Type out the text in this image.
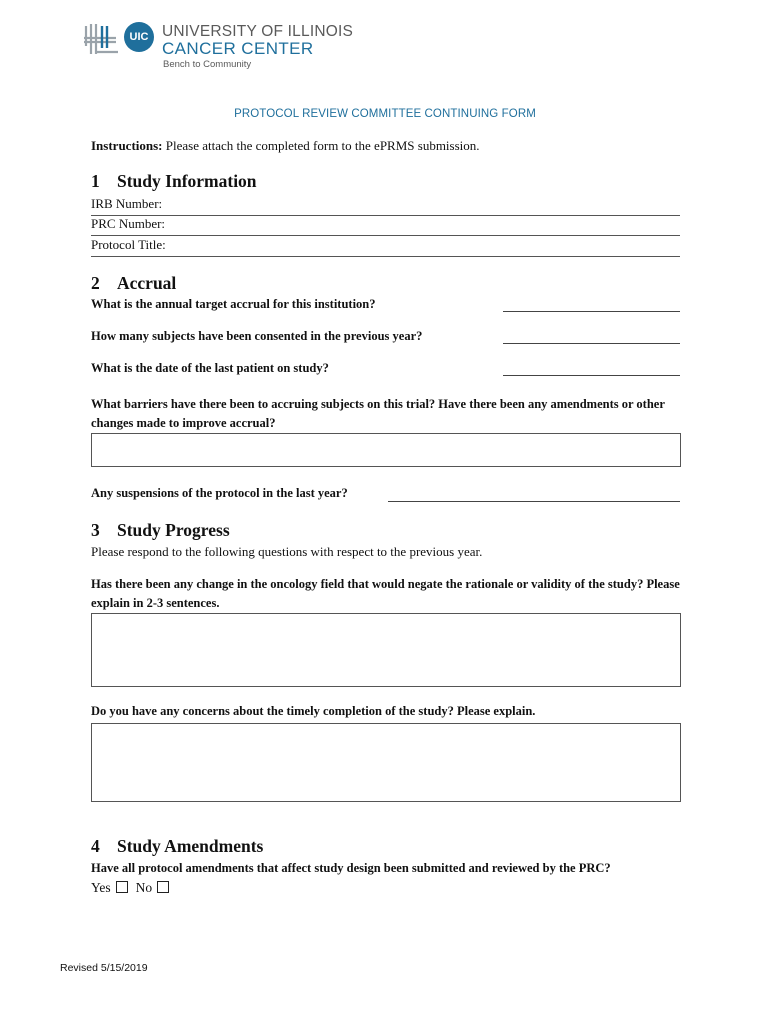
UIC UNIVERSITY OF ILLINOIS
CANCER CENTER
Bench to Community
PROTOCOL REVIEW COMMITTEE CONTINUING FORM
Instructions: Please attach the completed form to the ePRMS submission.
1 Study Information
IRB Number:
PRC Number:
Protocol Title:
2 Accrual
What is the annual target accrual for this institution?
How many subjects have been consented in the previous year?
What is the date of the last patient on study?
What barriers have there been to accruing subjects on this trial? Have there been any amendments or other changes made to improve accrual?
Any suspensions of the protocol in the last year?
3 Study Progress
Please respond to the following questions with respect to the previous year.
Has there been any change in the oncology field that would negate the rationale or validity of the study? Please explain in 2-3 sentences.
Do you have any concerns about the timely completion of the study? Please explain.
4 Study Amendments
Have all protocol amendments that affect study design been submitted and reviewed by the PRC?
Yes No
Revised 5/15/2019
